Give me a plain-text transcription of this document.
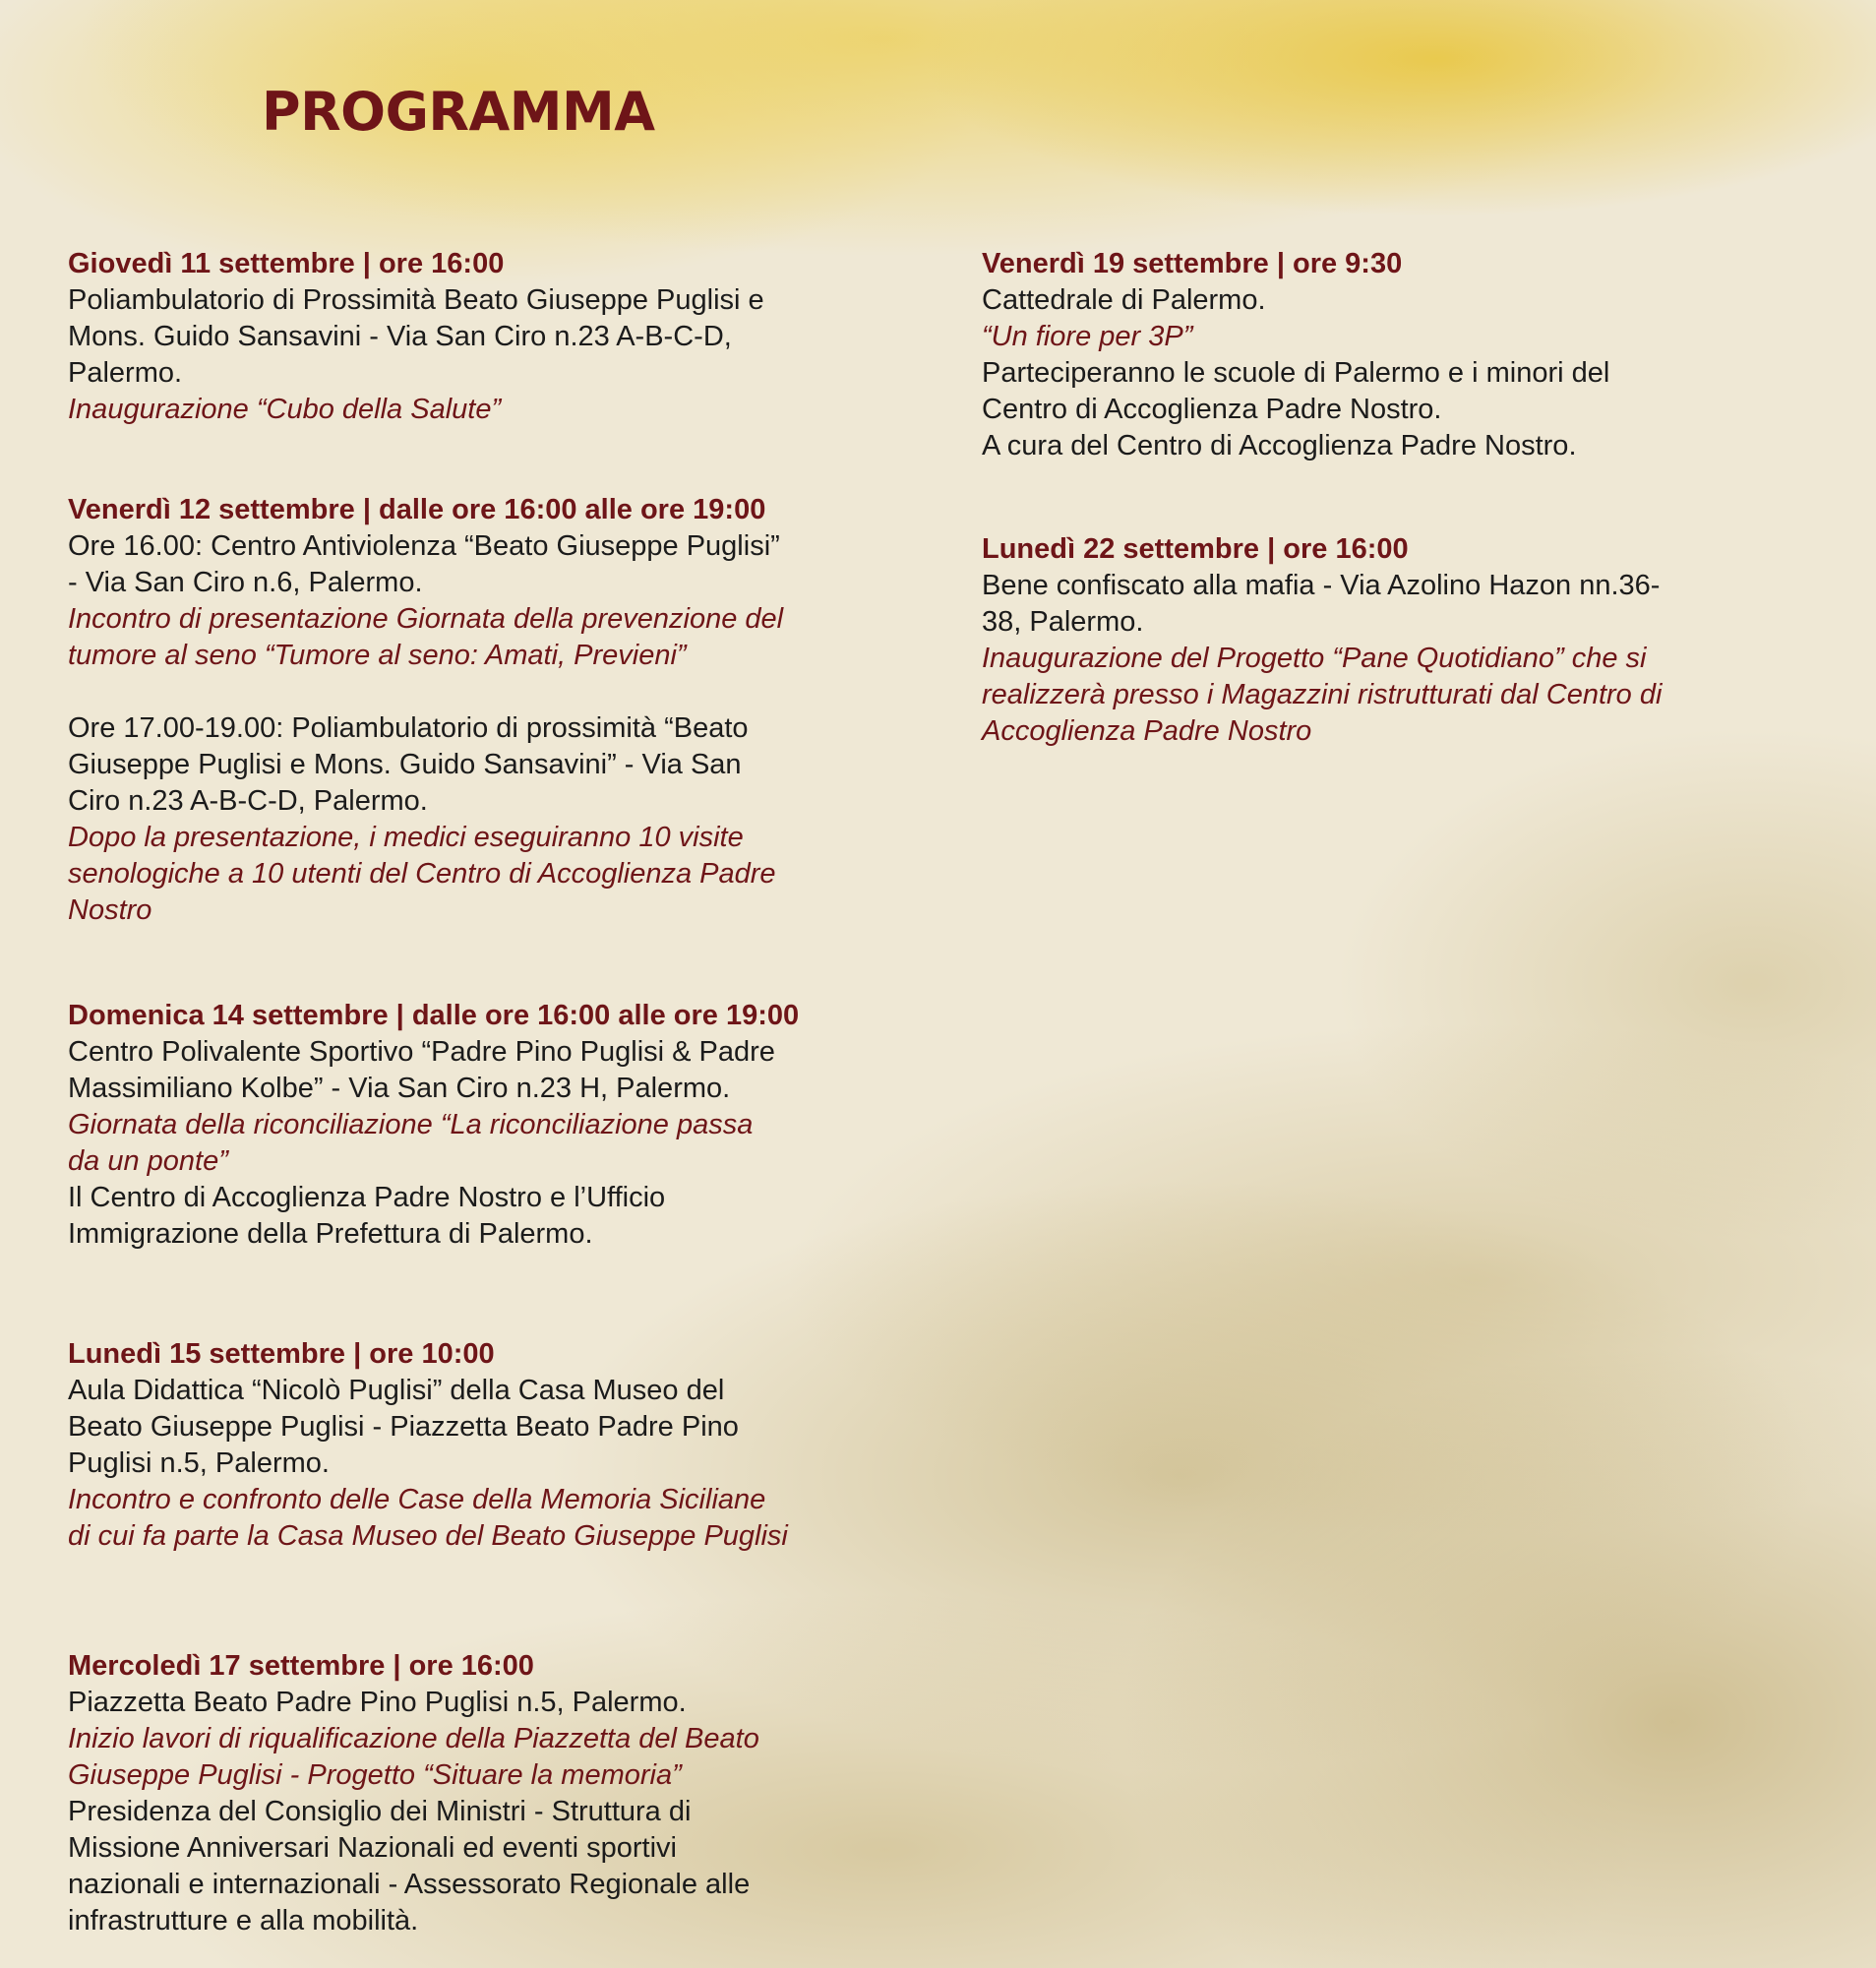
PROGRAMMA

Giovedì 11 settembre | ore 16:00

Poliambulatorio di Prossimità Beato Giuseppe Puglisi e

Mons. Guido Sansavini - Via San Ciro n.23 A-B-C-D,

Palermo.

Inaugurazione “Cubo della Salute”

Venerdì 12 settembre | dalle ore 16:00 alle ore 19:00

Ore 16.00: Centro Antiviolenza “Beato Giuseppe Puglisi”

- Via San Ciro n.6, Palermo.

Incontro di presentazione Giornata della prevenzione del

tumore al seno “Tumore al seno: Amati, Previeni”

Ore 17.00-19.00: Poliambulatorio di prossimità “Beato

Giuseppe Puglisi e Mons. Guido Sansavini” - Via San

Ciro n.23 A-B-C-D, Palermo.

Dopo la presentazione, i medici eseguiranno 10 visite

senologiche a 10 utenti del Centro di Accoglienza Padre

Nostro

Domenica 14 settembre | dalle ore 16:00 alle ore 19:00

Centro Polivalente Sportivo “Padre Pino Puglisi & Padre

Massimiliano Kolbe” - Via San Ciro n.23 H, Palermo.

Giornata della riconciliazione “La riconciliazione passa

da un ponte”

Il Centro di Accoglienza Padre Nostro e l’Ufficio

Immigrazione della Prefettura di Palermo.

Lunedì 15 settembre | ore 10:00

Aula Didattica “Nicolò Puglisi” della Casa Museo del

Beato Giuseppe Puglisi - Piazzetta Beato Padre Pino

Puglisi n.5, Palermo.

Incontro e confronto delle Case della Memoria Siciliane

di cui fa parte la Casa Museo del Beato Giuseppe Puglisi

Mercoledì 17 settembre | ore 16:00

Piazzetta Beato Padre Pino Puglisi n.5, Palermo.

Inizio lavori di riqualificazione della Piazzetta del Beato

Giuseppe Puglisi - Progetto “Situare la memoria”

Presidenza del Consiglio dei Ministri - Struttura di

Missione Anniversari Nazionali ed eventi sportivi

nazionali e internazionali - Assessorato Regionale alle

infrastrutture e alla mobilità.

Venerdì 19 settembre | ore 9:30

Cattedrale di Palermo.

“Un fiore per 3P”

Parteciperanno le scuole di Palermo e i minori del

Centro di Accoglienza Padre Nostro.

A cura del Centro di Accoglienza Padre Nostro.

Lunedì 22 settembre | ore 16:00

Bene confiscato alla mafia - Via Azolino Hazon nn.36-

38, Palermo.

Inaugurazione del Progetto “Pane Quotidiano” che si

realizzerà presso i Magazzini ristrutturati dal Centro di

Accoglienza Padre Nostro
